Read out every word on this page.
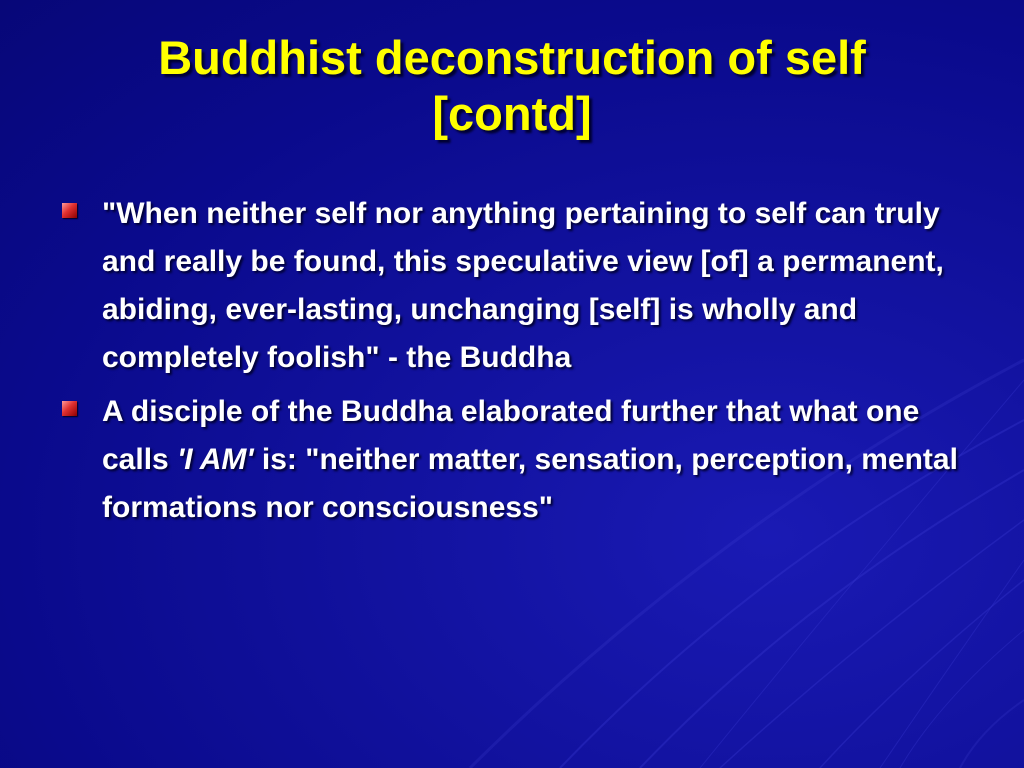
Buddhist deconstruction of self
[contd]
"When neither self nor anything pertaining to self can truly and really be found, this speculative view [of] a permanent, abiding, ever-lasting, unchanging [self] is wholly and completely foolish" - the Buddha
A disciple of the Buddha elaborated further that what one calls 'I AM' is: "neither matter, sensation, perception, mental formations nor consciousness"
